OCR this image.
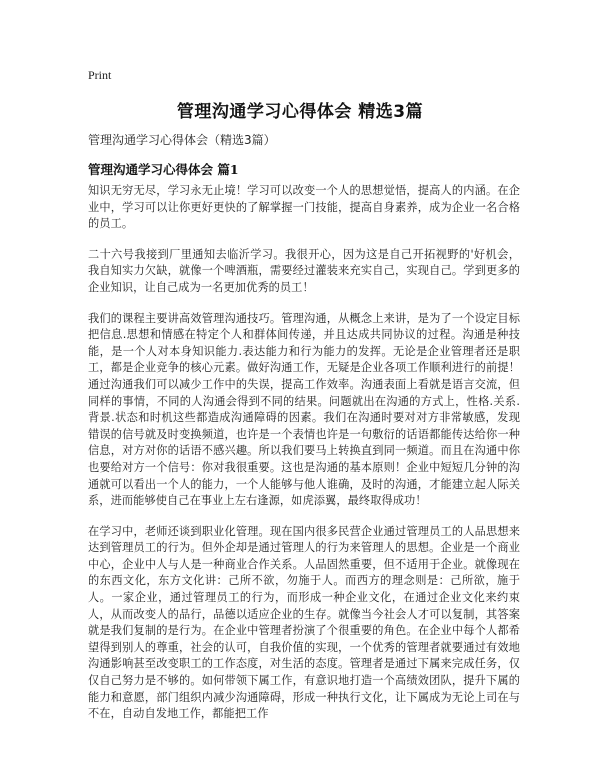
Print
管理沟通学习心得体会 精选3篇
管理沟通学习心得体会（精选3篇）
管理沟通学习心得体会 篇1

知识无穷无尽，学习永无止境！学习可以改变一个人的思想觉悟，提高人的内涵。在企业中，学习可以让你更好更快的了解掌握一门技能，提高自身素养，成为企业一名合格的员工。

二十六号我接到厂里通知去临沂学习。我很开心，因为这是自己开拓视野的'好机会，我自知实力欠缺，就像一个啤酒瓶，需要经过灌装来充实自己，实现自己。学到更多的企业知识，让自己成为一名更加优秀的员工！

我们的课程主要讲高效管理沟通技巧。管理沟通，从概念上来讲，是为了一个设定目标把信息.思想和情感在特定个人和群体间传递，并且达成共同协议的过程。沟通是种技能，是一个人对本身知识能力.表达能力和行为能力的发挥。无论是企业管理者还是职工，都是企业竞争的核心元素。做好沟通工作，无疑是企业各项工作顺利进行的前提！通过沟通我们可以减少工作中的失误，提高工作效率。沟通表面上看就是语言交流，但同样的事情，不同的人沟通会得到不同的结果。问题就出在沟通的方式上，性格.关系.背景.状态和时机这些都造成沟通障碍的因素。我们在沟通时要对对方非常敏感，发现错误的信号就及时变换频道，也许是一个表情也许是一句敷衍的话语都能传达给你一种信息，对方对你的话语不感兴趣。所以我们要马上转换直到同一频道。而且在沟通中你也要给对方一个信号：你对我很重要。这也是沟通的基本原则！企业中短短几分钟的沟通就可以看出一个人的能力，一个人能够与他人谁确，及时的沟通，才能建立起人际关系，进而能够使自己在事业上左右逢源，如虎添翼，最终取得成功！

在学习中，老师还谈到职业化管理。现在国内很多民营企业通过管理员工的人品思想来达到管理员工的行为。但外企却是通过管理人的行为来管理人的思想。企业是一个商业中心，企业中人与人是一种商业合作关系。人品固然重要，但不适用于企业。就像现在的东西文化，东方文化讲：己所不欲，勿施于人。而西方的理念则是：己所欲，施于人。一家企业，通过管理员工的行为，而形成一种企业文化，在通过企业文化来约束人，从而改变人的品行，品德以适应企业的生存。就像当今社会人才可以复制，其答案就是我们复制的是行为。在企业中管理者扮演了个很重要的角色。在企业中每个人都希望得到别人的尊重，社会的认可，自我价值的实现，一个优秀的管理者就要通过有效地沟通影响甚至改变职工的工作态度，对生活的态度。管理者是通过下属来完成任务，仅仅自己努力是不够的。如何带领下属工作，有意识地打造一个高绩效团队，提升下属的能力和意愿，部门组织内减少沟通障碍，形成一种执行文化，让下属成为无论上司在与不在，自动自发地工作，都能把工作
